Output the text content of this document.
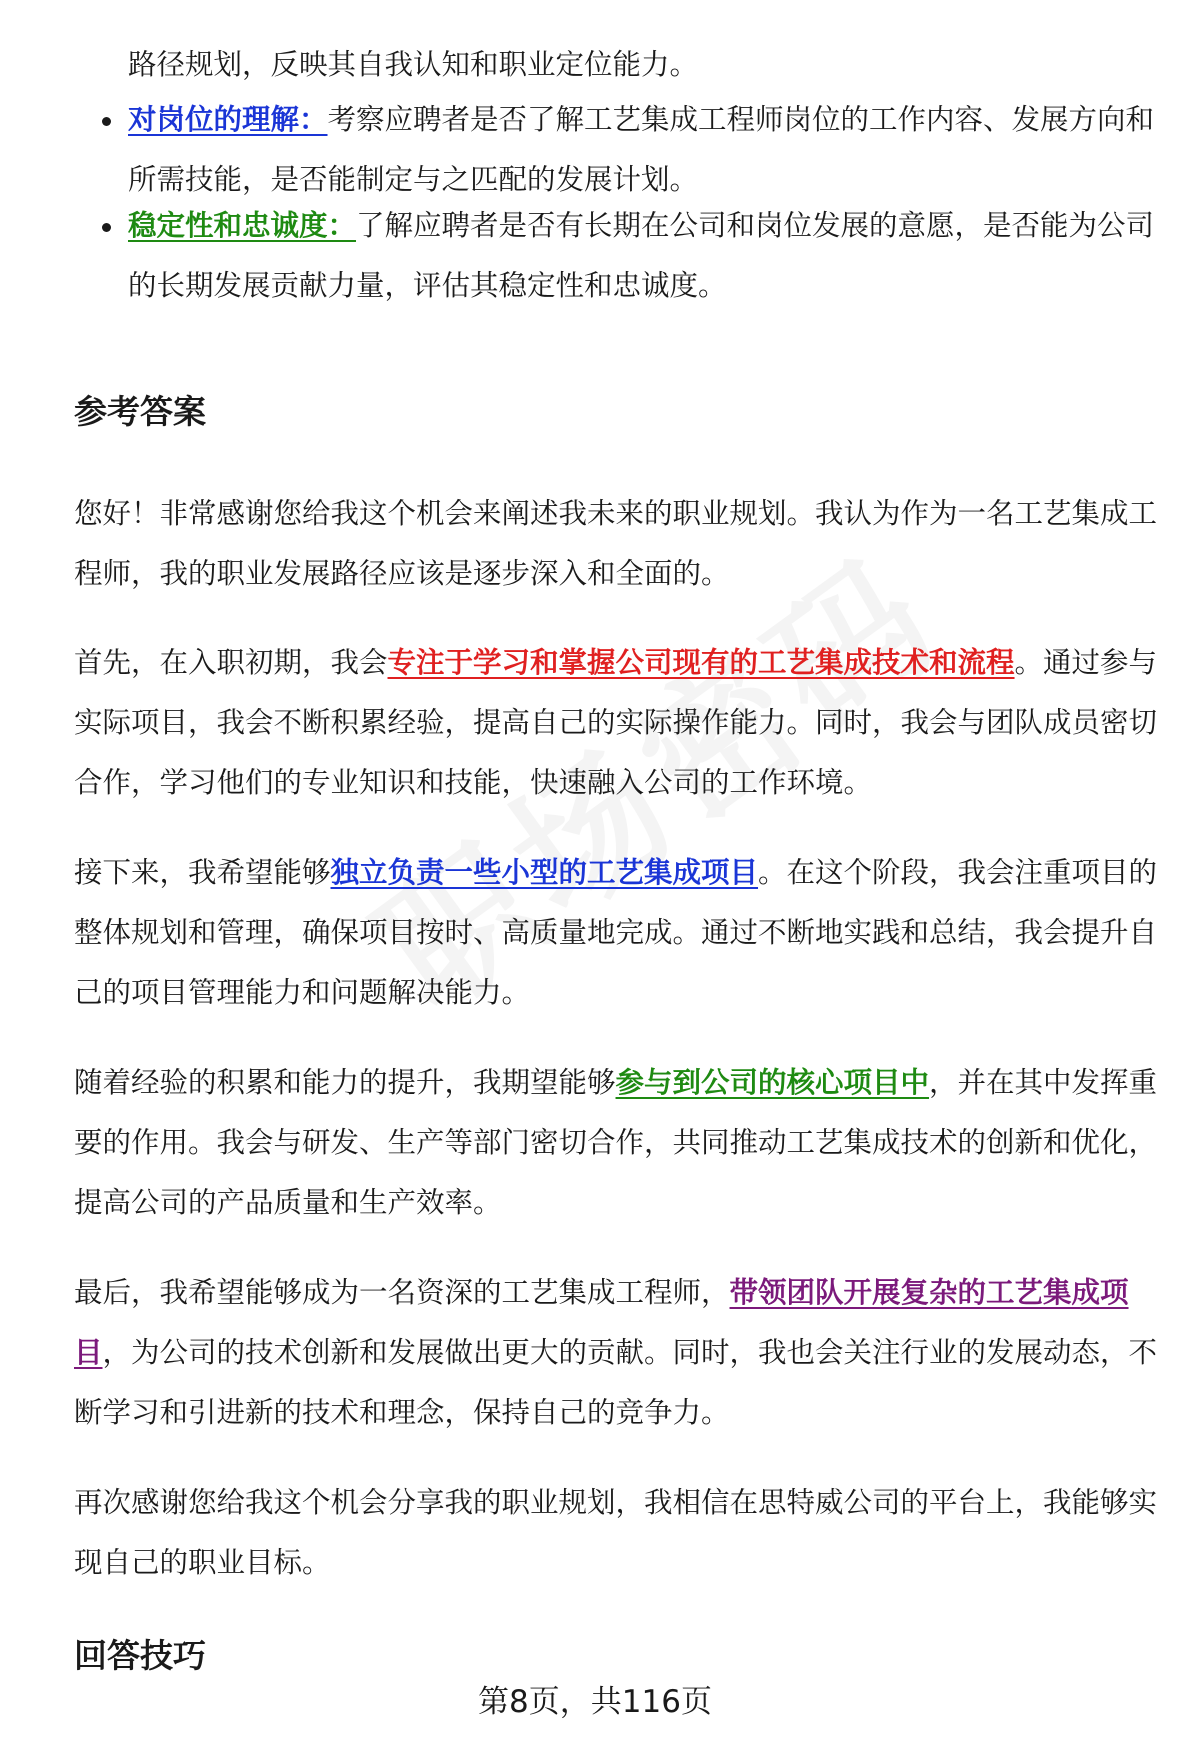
路径规划，反映其自我认知和职业定位能力。

对岗位的理解：考察应聘者是否了解工艺集成工程师岗位的工作内容、发展方向和所需技能，是否能制定与之匹配的发展计划。

稳定性和忠诚度：了解应聘者是否有长期在公司和岗位发展的意愿，是否能为公司的长期发展贡献力量，评估其稳定性和忠诚度。

参考答案

您好！非常感谢您给我这个机会来阐述我未来的职业规划。我认为作为一名工艺集成工程师，我的职业发展路径应该是逐步深入和全面的。

首先，在入职初期，我会专注于学习和掌握公司现有的工艺集成技术和流程。通过参与实际项目，我会不断积累经验，提高自己的实际操作能力。同时，我会与团队成员密切合作，学习他们的专业知识和技能，快速融入公司的工作环境。

接下来，我希望能够独立负责一些小型的工艺集成项目。在这个阶段，我会注重项目的整体规划和管理，确保项目按时、高质量地完成。通过不断地实践和总结，我会提升自己的项目管理能力和问题解决能力。

随着经验的积累和能力的提升，我期望能够参与到公司的核心项目中，并在其中发挥重要的作用。我会与研发、生产等部门密切合作，共同推动工艺集成技术的创新和优化，提高公司的产品质量和生产效率。

最后，我希望能够成为一名资深的工艺集成工程师，带领团队开展复杂的工艺集成项目，为公司的技术创新和发展做出更大的贡献。同时，我也会关注行业的发展动态，不断学习和引进新的技术和理念，保持自己的竞争力。

再次感谢您给我这个机会分享我的职业规划，我相信在思特威公司的平台上，我能够实现自己的职业目标。

回答技巧
第8页，共116页
